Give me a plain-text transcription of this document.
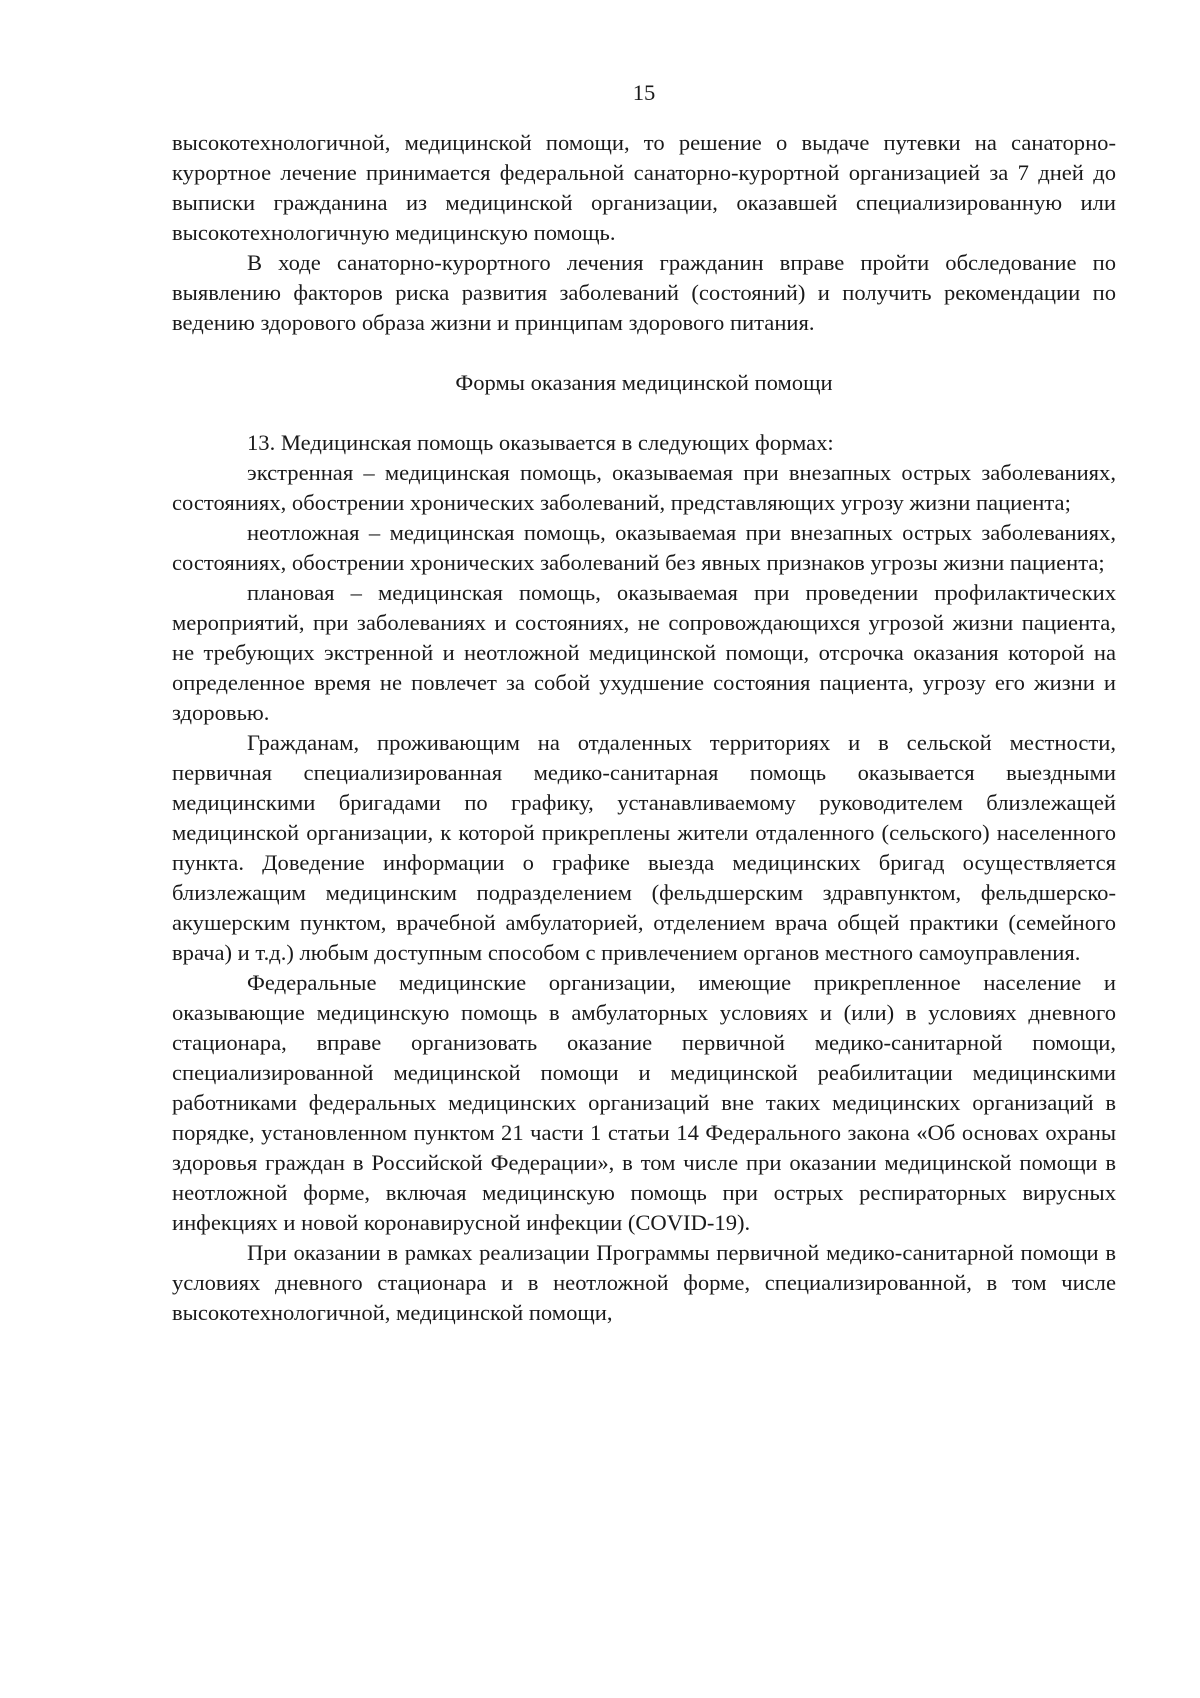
15

высокотехнологичной, медицинской помощи, то решение о выдаче путевки на санаторно-курортное лечение принимается федеральной санаторно-курортной организацией за 7 дней до выписки гражданина из медицинской организации, оказавшей специализированную или высокотехнологичную медицинскую помощь.

В ходе санаторно-курортного лечения гражданин вправе пройти обследование по выявлению факторов риска развития заболеваний (состояний) и получить рекомендации по ведению здорового образа жизни и принципам здорового питания.

Формы оказания медицинской помощи

13. Медицинская помощь оказывается в следующих формах:

экстренная – медицинская помощь, оказываемая при внезапных острых заболеваниях, состояниях, обострении хронических заболеваний, представляющих угрозу жизни пациента;

неотложная – медицинская помощь, оказываемая при внезапных острых заболеваниях, состояниях, обострении хронических заболеваний без явных признаков угрозы жизни пациента;

плановая – медицинская помощь, оказываемая при проведении профилактических мероприятий, при заболеваниях и состояниях, не сопровождающихся угрозой жизни пациента, не требующих экстренной и неотложной медицинской помощи, отсрочка оказания которой на определенное время не повлечет за собой ухудшение состояния пациента, угрозу его жизни и здоровью.

Гражданам, проживающим на отдаленных территориях и в сельской местности, первичная специализированная медико-санитарная помощь оказывается выездными медицинскими бригадами по графику, устанавливаемому руководителем близлежащей медицинской организации, к которой прикреплены жители отдаленного (сельского) населенного пункта. Доведение информации о графике выезда медицинских бригад осуществляется близлежащим медицинским подразделением (фельдшерским здравпунктом, фельдшерско-акушерским пунктом, врачебной амбулаторией, отделением врача общей практики (семейного врача) и т.д.) любым доступным способом с привлечением органов местного самоуправления.

Федеральные медицинские организации, имеющие прикрепленное население и оказывающие медицинскую помощь в амбулаторных условиях и (или) в условиях дневного стационара, вправе организовать оказание первичной медико-санитарной помощи, специализированной медицинской помощи и медицинской реабилитации медицинскими работниками федеральных медицинских организаций вне таких медицинских организаций в порядке, установленном пунктом 21 части 1 статьи 14 Федерального закона «Об основах охраны здоровья граждан в Российской Федерации», в том числе при оказании медицинской помощи в неотложной форме, включая медицинскую помощь при острых респираторных вирусных инфекциях и новой коронавирусной инфекции (COVID-19).

При оказании в рамках реализации Программы первичной медико-санитарной помощи в условиях дневного стационара и в неотложной форме, специализированной, в том числе высокотехнологичной, медицинской помощи,
